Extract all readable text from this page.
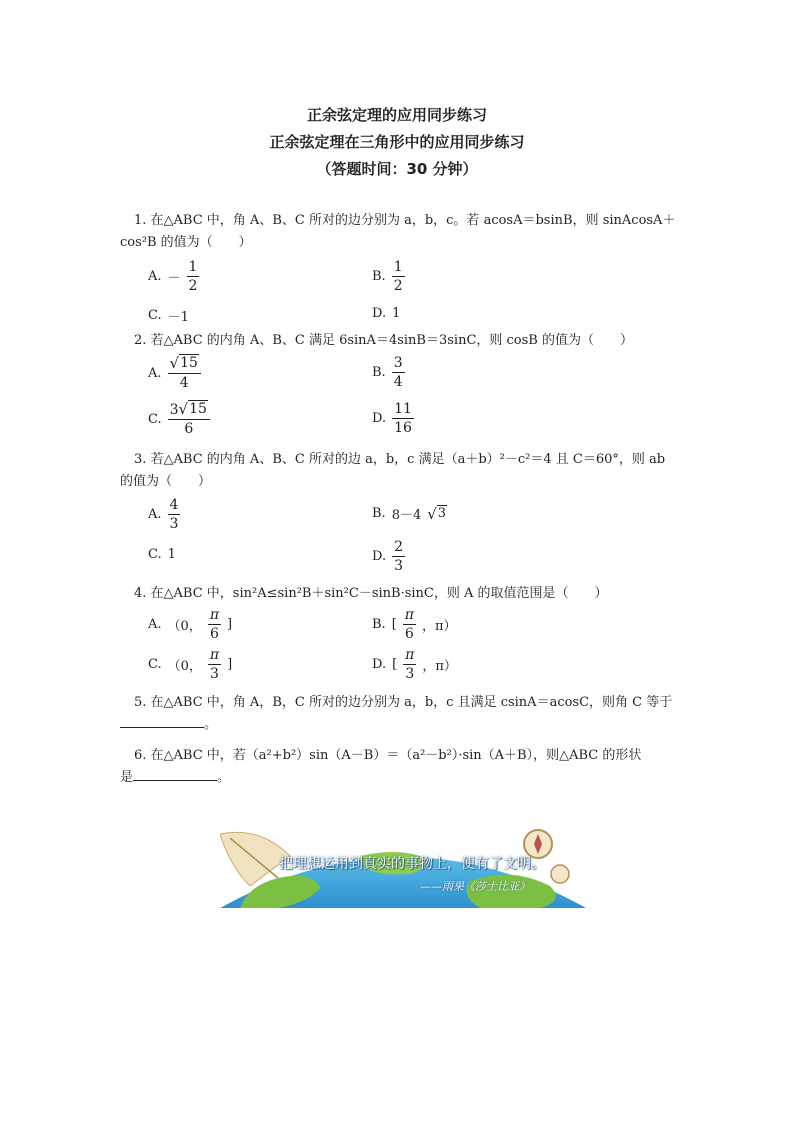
正余弦定理的应用同步练习
正余弦定理在三角形中的应用同步练习
（答题时间：30 分钟）
1. 在△ABC 中，角 A、B、C 所对的边分别为 a，b，c。若 acosA＝bsinB，则 sinAcosA＋
cos²B 的值为（　　）
A. － $\frac{1}{2}$	B. $\frac{1}{2}$
C. －1	D. 1
2. 若△ABC 的内角 A、B、C 满足 6sinA＝4sinB＝3sinC，则 cosB 的值为（　　）
A. $\frac{√ 15}{4}$	B. $\frac{3}{4}$
C. $\frac{3 √ 15}{6}$	D. $\frac{11}{16}$
3. 若△ABC 的内角 A、B、C 所对的边 a，b，c 满足（a＋b）²－c²＝4 且 C＝60°，则 ab
的值为（　　）
A. $\frac{4}{3}$	B. 8－4 √ 3
C. 1	D. $\frac{2}{3}$
4. 在△ABC 中，sin²A≤sin²B＋sin²C－sinB·sinC，则 A 的取值范围是（　　）
A. （0， $\frac{\pi}{6}$ ]	B. [ $\frac{\pi}{6}$ ，π）
C. （0， $\frac{\pi}{3}$ ]	D. [ $\frac{\pi}{3}$ ，π）
5. 在△ABC 中，角 A，B，C 所对的边分别为 a，b，c 且满足 csinA＝acosC，则角 C 等于
。
6. 在△ABC 中，若（a²+b²）sin（A－B）＝（a²－b²）·sin（A＋B），则△ABC 的形状
是	。
把理想运用到真实的事物上，便有了文明。
——雨果《莎士比亚》
